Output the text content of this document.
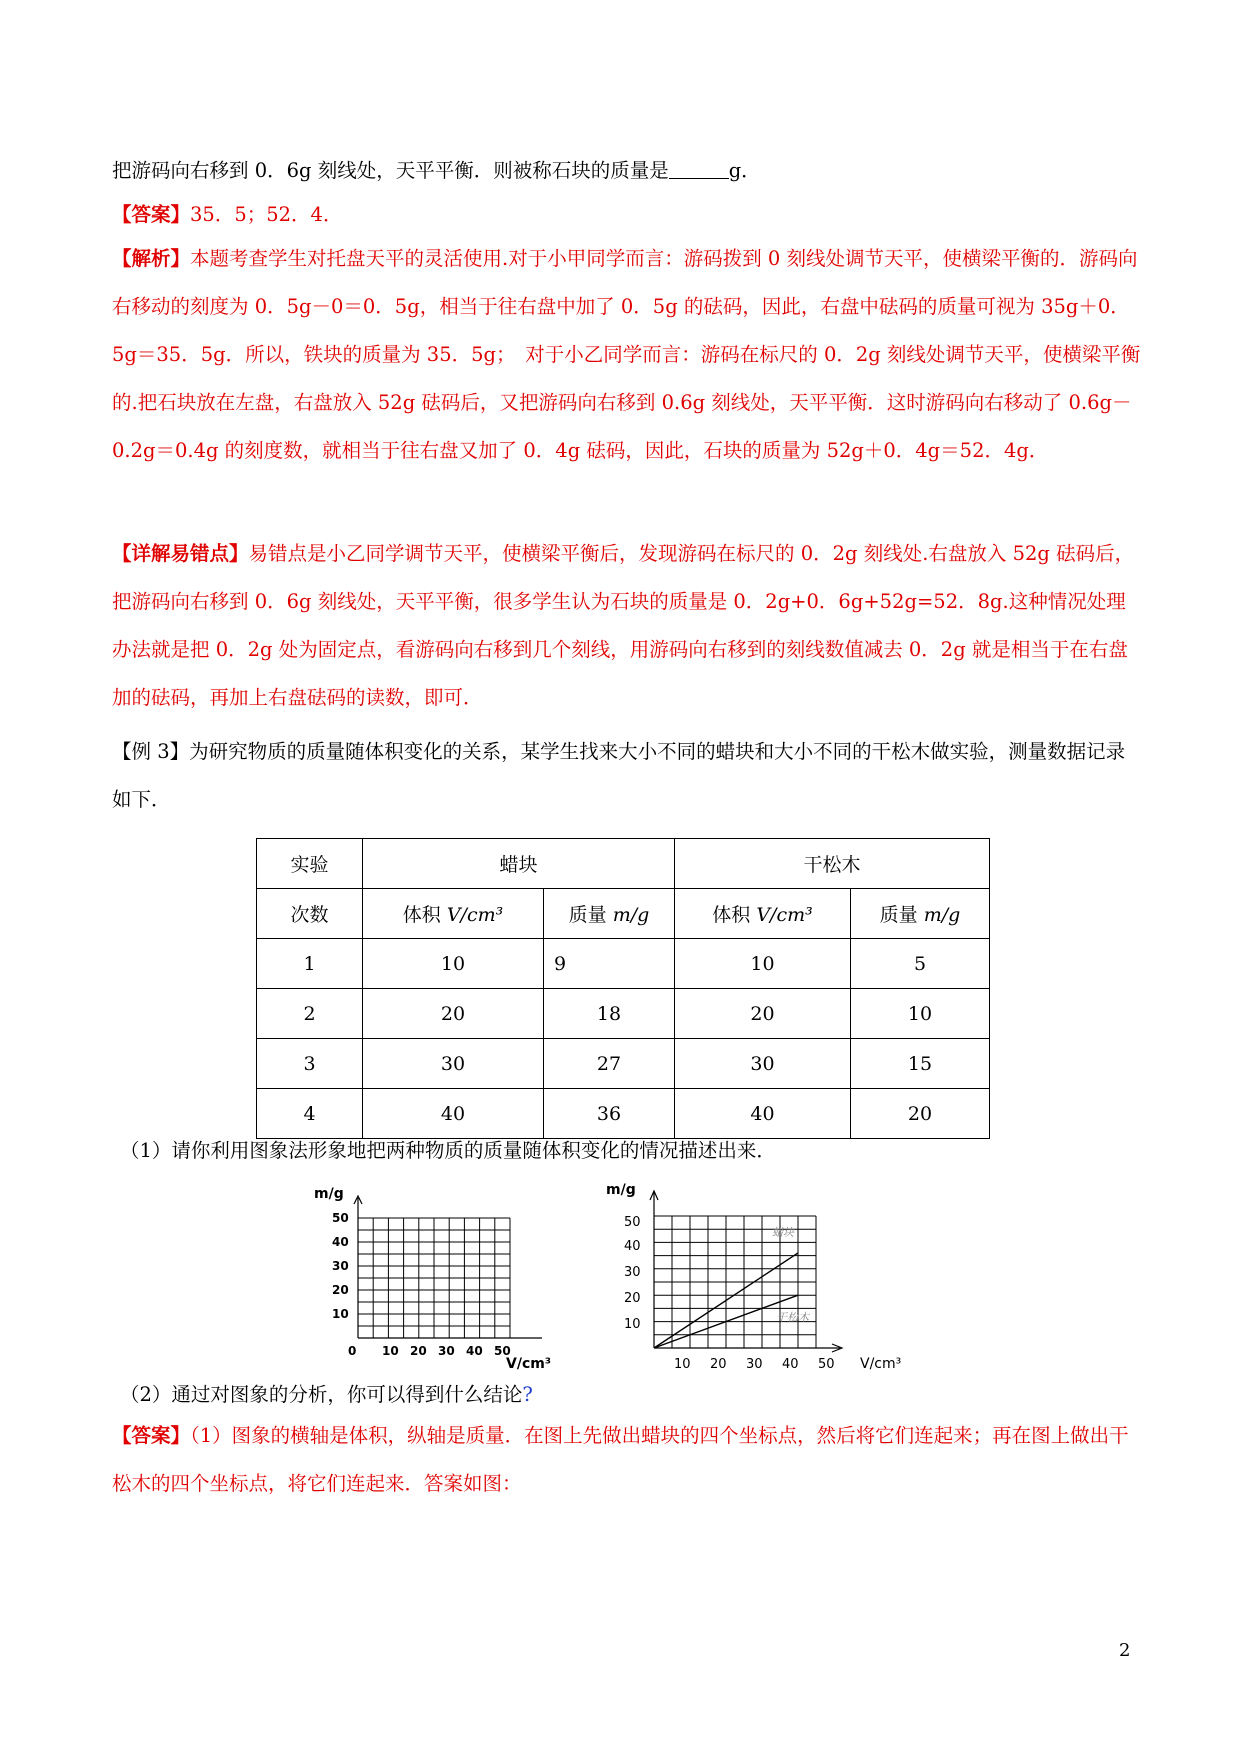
把游码向右移到 0．6g 刻线处，天平平衡．则被称石块的质量是	g．

【答案】35．5；52．4．

【解析】本题考查学生对托盘天平的灵活使用.对于小甲同学而言：游码拨到 0 刻线处调节天平，使横梁平衡的．游码向右移动的刻度为 0．5g－0＝0．5g，相当于往右盘中加了 0．5g 的砝码，因此，右盘中砝码的质量可视为 35g＋0．5g＝35．5g．所以，铁块的质量为 35．5g；　对于小乙同学而言：游码在标尺的 0．2g 刻线处调节天平，使横梁平衡的.把石块放在左盘，右盘放入 52g 砝码后，又把游码向右移到 0.6g 刻线处，天平平衡．这时游码向右移动了 0.6g－0.2g＝0.4g 的刻度数，就相当于往右盘又加了 0．4g 砝码，因此，石块的质量为 52g＋0．4g＝52．4g．

【详解易错点】易错点是小乙同学调节天平，使横梁平衡后，发现游码在标尺的 0．2g 刻线处.右盘放入 52g 砝码后，把游码向右移到 0．6g 刻线处，天平平衡，很多学生认为石块的质量是 0．2g+0．6g+52g=52．8g.这种情况处理办法就是把 0．2g 处为固定点，看游码向右移到几个刻线，用游码向右移到的刻线数值减去 0．2g 就是相当于在右盘加的砝码，再加上右盘砝码的读数，即可．

【例 3】为研究物质的质量随体积变化的关系，某学生找来大小不同的蜡块和大小不同的干松木做实验，测量数据记录如下．

实验	蜡块		干松木	
次数	体积 V/cm³	质量 m/g	体积 V/cm³	质量 m/g
1	10	9	10	5
2	20	18	20	10
3	30	27	30	15
4	40	36	40	20

（1）请你利用图象法形象地把两种物质的质量随体积变化的情况描述出来．

m/g
50
40
30
20
10
0 10 20 30 40 50
V/cm³
m/g
50
40
30
20
10
10 20 30 40 50 V/cm³
蜡块
干松木

（2）通过对图象的分析，你可以得到什么结论?

【答案】（1）图象的横轴是体积，纵轴是质量．在图上先做出蜡块的四个坐标点，然后将它们连起来；再在图上做出干松木的四个坐标点，将它们连起来．答案如图：

2
